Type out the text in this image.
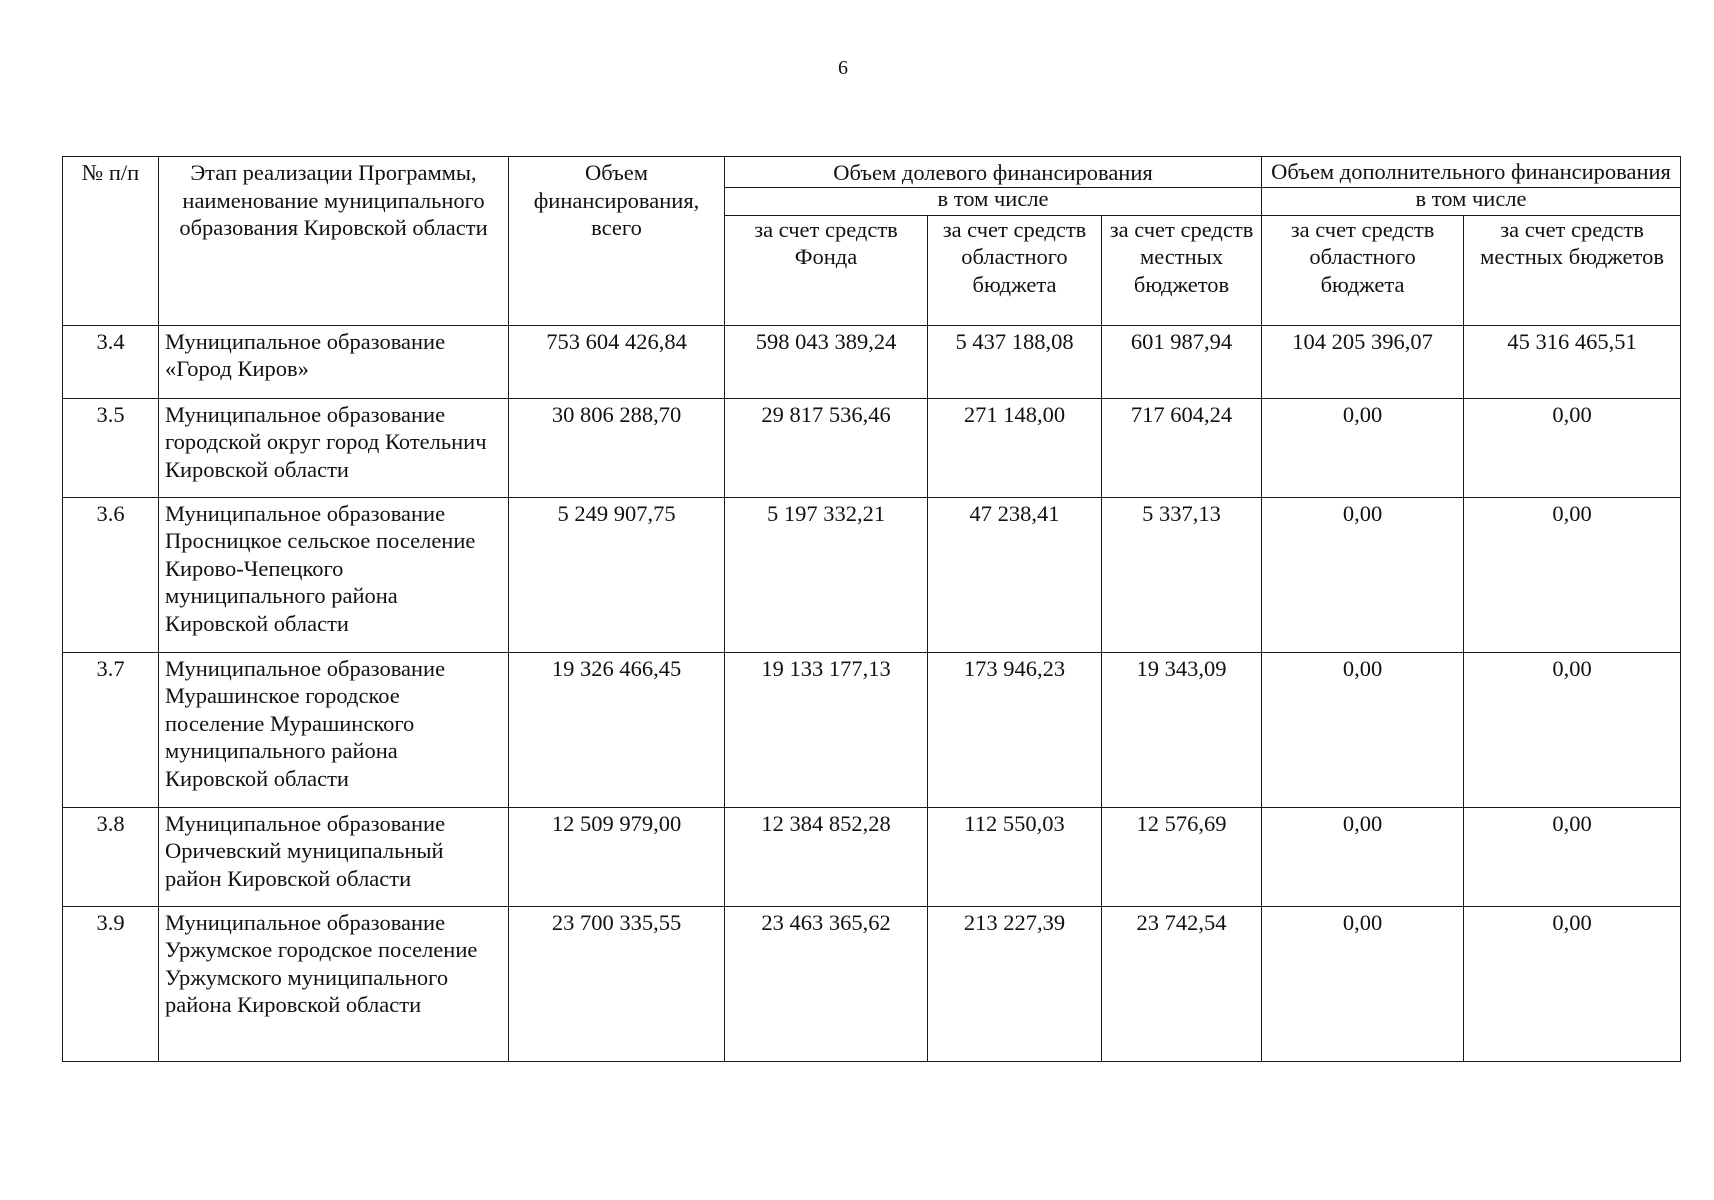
6
№ п/п	Этап реализации Программы, наименование муниципального образования Кировской области	Объем финансирования, всего	Объем долевого финансирования			Объем дополнительного финансирования	
			в том числе			в том числе	
			за счет средств Фонда	за счет средств областного бюджета	за счет средств местных бюджетов	за счет средств областного бюджета	за счет средств местных бюджетов
3.4	Муниципальное образование «Город Киров»	753 604 426,84	598 043 389,24	5 437 188,08	601 987,94	104 205 396,07	45 316 465,51
3.5	Муниципальное образование городской округ город Котельнич Кировской области	30 806 288,70	29 817 536,46	271 148,00	717 604,24	0,00	0,00
3.6	Муниципальное образование Просницкое сельское поселение Кирово-Чепецкого муниципального района Кировской области	5 249 907,75	5 197 332,21	47 238,41	5 337,13	0,00	0,00
3.7	Муниципальное образование Мурашинское городское поселение Мурашинского муниципального района Кировской области	19 326 466,45	19 133 177,13	173 946,23	19 343,09	0,00	0,00
3.8	Муниципальное образование Оричевский муниципальный район Кировской области	12 509 979,00	12 384 852,28	112 550,03	12 576,69	0,00	0,00
3.9	Муниципальное образование Уржумское городское поселение Уржумского муниципального района Кировской области	23 700 335,55	23 463 365,62	213 227,39	23 742,54	0,00	0,00
